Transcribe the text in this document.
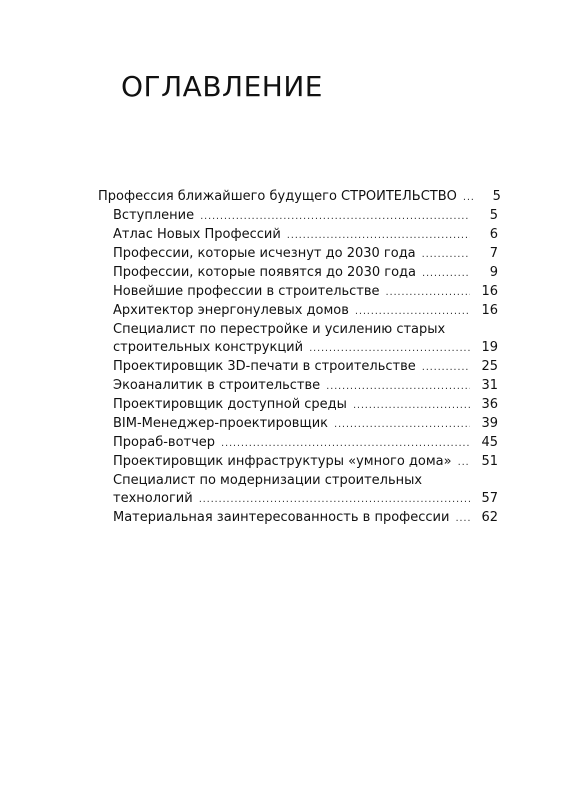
ОГЛАВЛЕНИЕ
Профессия ближайшего будущего СТРОИТЕЛЬСТВО . . .	5
Вступление . . .	5
Атлас Новых Профессий . . .	6
Профессии, которые исчезнут до 2030 года . . .	7
Профессии, которые появятся до 2030 года . . .	9
Новейшие профессии в строительстве . . .	16
Архитектор энергонулевых домов . . .	16
Специалист по перестройке и усилению старых
строительных конструкций . . .	19
Проектировщик 3D-печати в строительстве . . .	25
Экоаналитик в строительстве . . .	31
Проектировщик доступной среды . . .	36
BIM-Менеджер-проектировщик . . .	39
Прораб-вотчер . . .	45
Проектировщик инфраструктуры «умного дома» . . .	51
Специалист по модернизации строительных
технологий . . .	57
Материальная заинтересованность в профессии . . .	62
